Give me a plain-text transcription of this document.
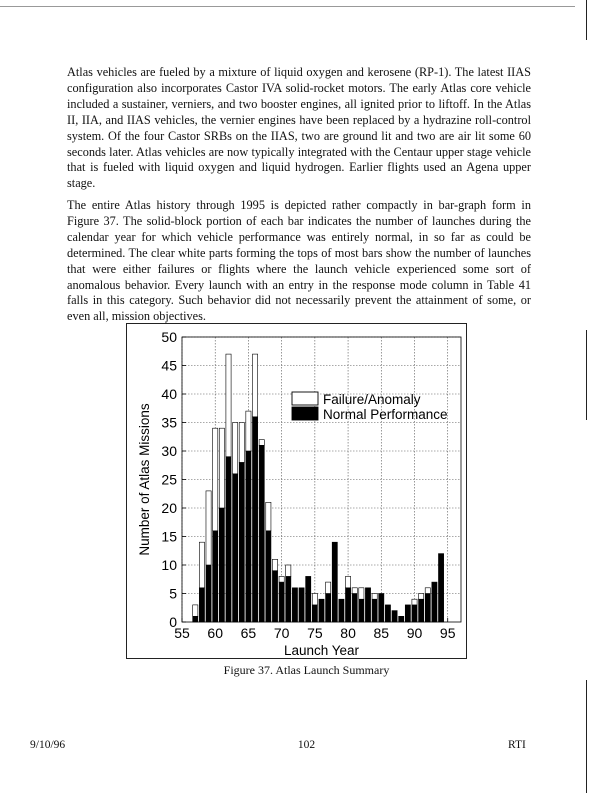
Atlas vehicles are fueled by a mixture of liquid oxygen and kerosene (RP-1). The latest IIAS configuration also incorporates Castor IVA solid-rocket motors. The early Atlas core vehicle included a sustainer, verniers, and two booster engines, all ignited prior to liftoff. In the Atlas II, IIA, and IIAS vehicles, the vernier engines have been replaced by a hydrazine roll-control system. Of the four Castor SRBs on the IIAS, two are ground lit and two are air lit some 60 seconds later. Atlas vehicles are now typically integrated with the Centaur upper stage vehicle that is fueled with liquid oxygen and liquid hydrogen. Earlier flights used an Agena upper stage.

The entire Atlas history through 1995 is depicted rather compactly in bar-graph form in Figure 37. The solid-block portion of each bar indicates the number of launches during the calendar year for which vehicle performance was entirely normal, in so far as could be determined. The clear white parts forming the tops of most bars show the number of launches that were either failures or flights where the launch vehicle experienced some sort of anomalous behavior. Every launch with an entry in the response mode column in Table 41 falls in this category. Such behavior did not necessarily prevent the attainment of some, or even all, mission objectives.

0
5
10
15
20
25
30
35
40
45
50
55 60 65 70 75 80 85 90 95
Launch Year
Number of Atlas Missions
Failure/Anomaly
Normal Performance

Figure 37. Atlas Launch Summary

9/10/96	102	RTI
